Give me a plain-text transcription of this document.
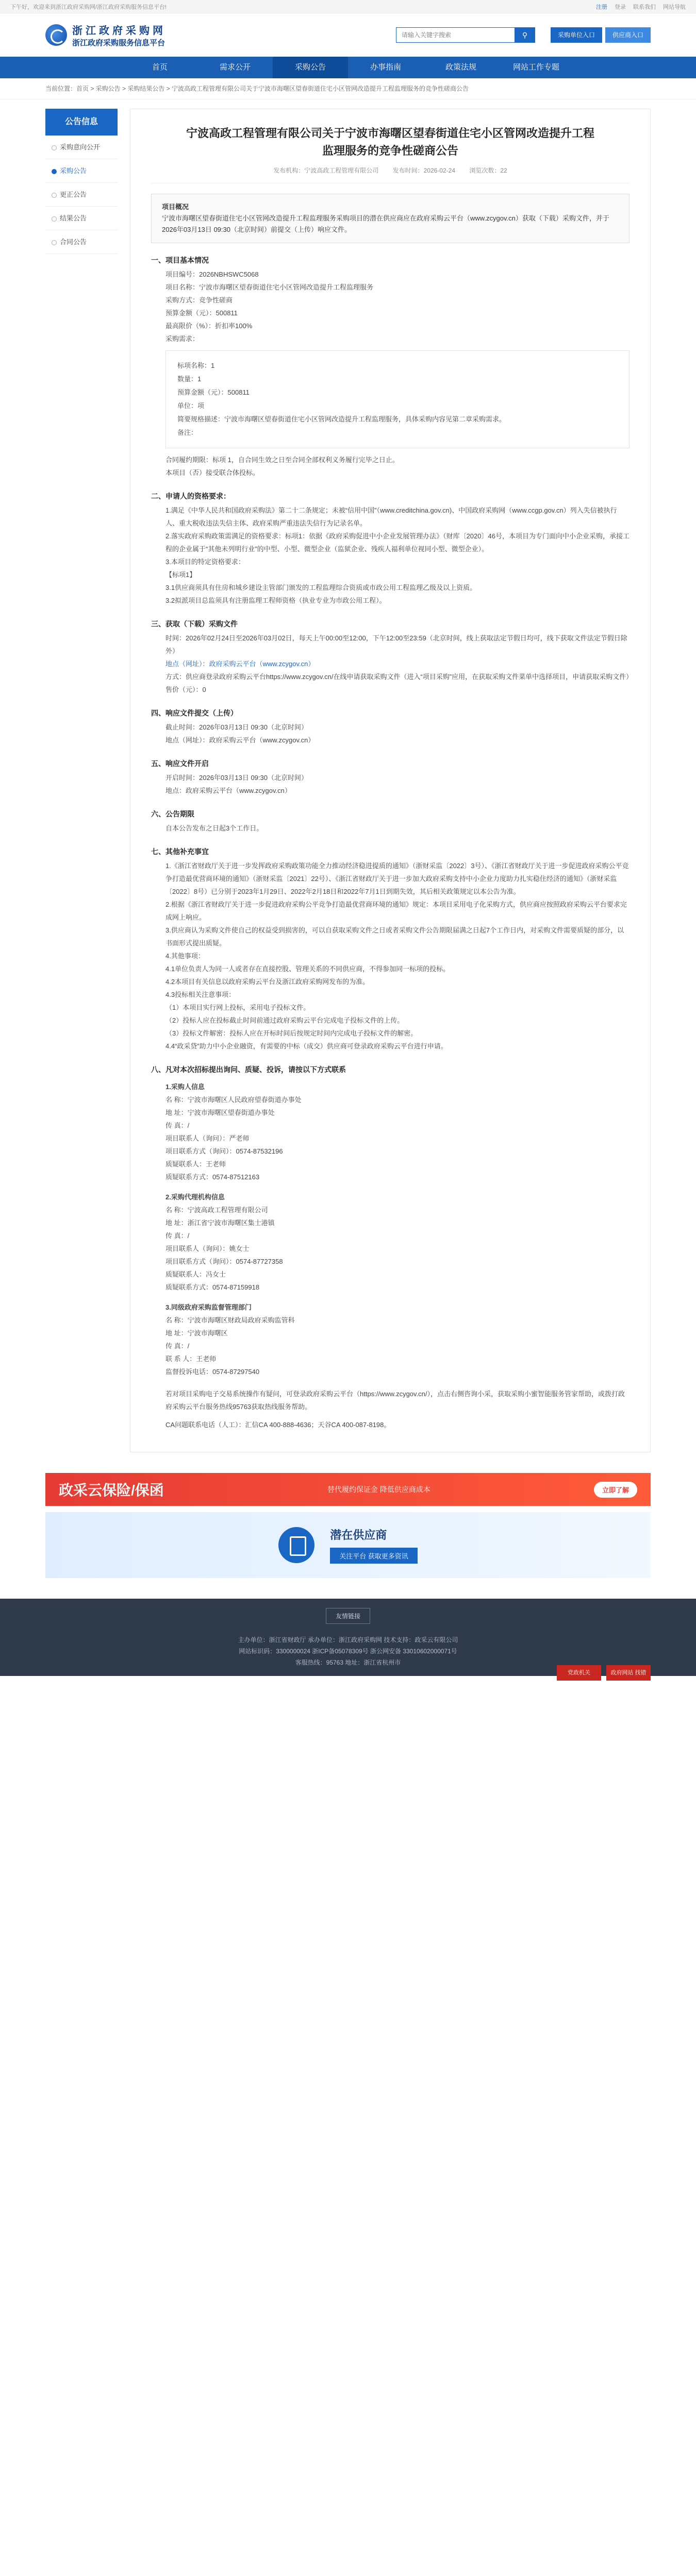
下午好，欢迎来到浙江政府采购网/浙江政府采购服务信息平台!	注册 登录 联系我们 网站导航
浙江政府采购网
浙江政府采购服务信息平台
请输入关键字搜索
⚲	采购单位入口	供应商入口
首页	需求公开	采购公告	办事指南	政策法规	网站工作专题
当前位置：首页 > 采购公告 > 采购结果公告 > 宁波高政工程管理有限公司关于宁波市海曙区望春街道住宅小区管网改造提升工程监理服务的竞争性磋商公告
公告信息
采购意向公开
采购公告
更正公告
结果公告
合同公告
宁波高政工程管理有限公司关于宁波市海曙区望春街道住宅小区管网改造提升工程监理服务的竞争性磋商公告
发布机构：宁波高政工程管理有限公司 发布时间：2026-02-24 浏览次数：22

项目概况

宁波市海曙区望春街道住宅小区管网改造提升工程监理服务采购项目的潜在供应商应在政府采购云平台（www.zcygov.cn）获取（下载）采购文件，并于2026年03月13日 09:30（北京时间）前提交（上传）响应文件。

一、项目基本情况
项目编号：2026NBHSWC5068
项目名称：宁波市海曙区望春街道住宅小区管网改造提升工程监理服务
采购方式：竞争性磋商
预算金额（元）：500811
最高限价（%）：折扣率100%
采购需求：
标项名称：1
数量：1
预算金额（元）：500811
单位：项
简要规格描述：宁波市海曙区望春街道住宅小区管网改造提升工程监理服务，具体采购内容见第二章采购需求。
备注：
合同履约期限：标项 1，自合同生效之日至合同全部权利义务履行完毕之日止。
本项目（否）接受联合体投标。
二、申请人的资格要求：
1.满足《中华人民共和国政府采购法》第二十二条规定；未被“信用中国”（www.creditchina.gov.cn)、中国政府采购网（www.ccgp.gov.cn）列入失信被执行人、重大税收违法失信主体、政府采购严重违法失信行为记录名单。
2.落实政府采购政策需满足的资格要求：标项1：依据《政府采购促进中小企业发展管理办法》（财库〔2020〕46号，本项目为专门面向中小企业采购，承接工程的企业属于“其他未列明行业”的中型、小型、微型企业（监狱企业、残疾人福利单位视同小型、微型企业）。
3.本项目的特定资格要求：
【标项1】
3.1供应商须具有住房和城乡建设主管部门颁发的工程监理综合资质或市政公用工程监理乙级及以上资质。
3.2拟派项目总监须具有注册监理工程师资格（执业专业为市政公用工程）。
三、获取（下载）采购文件
时间：2026年02月24日至2026年03月02日，每天上午00:00至12:00，下午12:00至23:59（北京时间，线上获取法定节假日均可，线下获取文件法定节假日除外）
地点（网址）：政府采购云平台（www.zcygov.cn）
方式：供应商登录政府采购云平台https://www.zcygov.cn/在线申请获取采购文件（进入“项目采购”应用，在获取采购文件菜单中选择项目，申请获取采购文件）
售价（元）：0
四、响应文件提交（上传）
截止时间：2026年03月13日 09:30（北京时间）
地点（网址）：政府采购云平台（www.zcygov.cn）
五、响应文件开启
开启时间：2026年03月13日 09:30（北京时间）
地点：政府采购云平台（www.zcygov.cn）
六、公告期限
自本公告发布之日起3个工作日。
七、其他补充事宜
1.《浙江省财政厅关于进一步发挥政府采购政策功能全力推动经济稳进提质的通知》（浙财采监〔2022〕3号）、《浙江省财政厅关于进一步促进政府采购公平竞争打造最优营商环境的通知》（浙财采监〔2021〕22号）、《浙江省财政厅关于进一步加大政府采购支持中小企业力度助力扎实稳住经济的通知》（浙财采监〔2022〕8号）已分别于2023年1月29日、2022年2月18日和2022年7月1日到期失效，其后相关政策规定以本公告为准。
2.根据《浙江省财政厅关于进一步促进政府采购公平竞争打造最优营商环境的通知》规定：本项目采用电子化采购方式，供应商应按照政府采购云平台要求完成网上响应。
3.供应商认为采购文件使自己的权益受到损害的，可以自获取采购文件之日或者采购文件公告期限届满之日起7个工作日内，对采购文件需要质疑的部分，以书面形式提出质疑。
4.其他事项：
4.1单位负责人为同一人或者存在直接控股、管理关系的不同供应商，不得参加同一标项的投标。
4.2本项目有关信息以政府采购云平台及浙江政府采购网发布的为准。
4.3投标相关注意事项：
（1）本项目实行网上投标，采用电子投标文件。
（2）投标人应在投标截止时间前通过政府采购云平台完成电子投标文件的上传。
（3）投标文件解密：投标人应在开标时间后按规定时间内完成电子投标文件的解密。
4.4“政采贷”助力中小企业融资，有需要的中标（成交）供应商可登录政府采购云平台进行申请。
八、凡对本次招标提出询问、质疑、投诉，请按以下方式联系
1.采购人信息
名 称：宁波市海曙区人民政府望春街道办事处
地 址：宁波市海曙区望春街道办事处
传 真：/
项目联系人（询问）：严老师
项目联系方式（询问）：0574-87532196
质疑联系人：王老师
质疑联系方式：0574-87512163
2.采购代理机构信息
名 称：宁波高政工程管理有限公司
地 址：浙江省宁波市海曙区集士港镇
传 真：/
项目联系人（询问）：姚女士
项目联系方式（询问）：0574-87727358
质疑联系人：冯女士
质疑联系方式：0574-87159918
3.同级政府采购监督管理部门
名 称：宁波市海曙区财政局政府采购监管科
地 址：宁波市海曙区
传 真：/
联 系 人：王老师
监督投诉电话：0574-87297540
若对项目采购电子交易系统操作有疑问，可登录政府采购云平台（https://www.zcygov.cn/），点击右侧咨询小采，获取采购小蜜智能服务管家帮助，或拨打政府采购云平台服务热线95763获取热线服务帮助。
CA问题联系电话（人工）：汇信CA 400-888-4636；天谷CA 400-087-8198。
政采云保险/保函	替代履约保证金 降低供应商成本	立即了解
潜在供应商
关注平台 获取更多资讯
友情链接
主办单位：浙江省财政厅 承办单位：浙江政府采购网 技术支持：政采云有限公司
网站标识码：3300000024 浙ICP备05078309号 浙公网安备 33010602000071号
客服热线：95763 地址：浙江省杭州市
党政机关	政府网站 找错
